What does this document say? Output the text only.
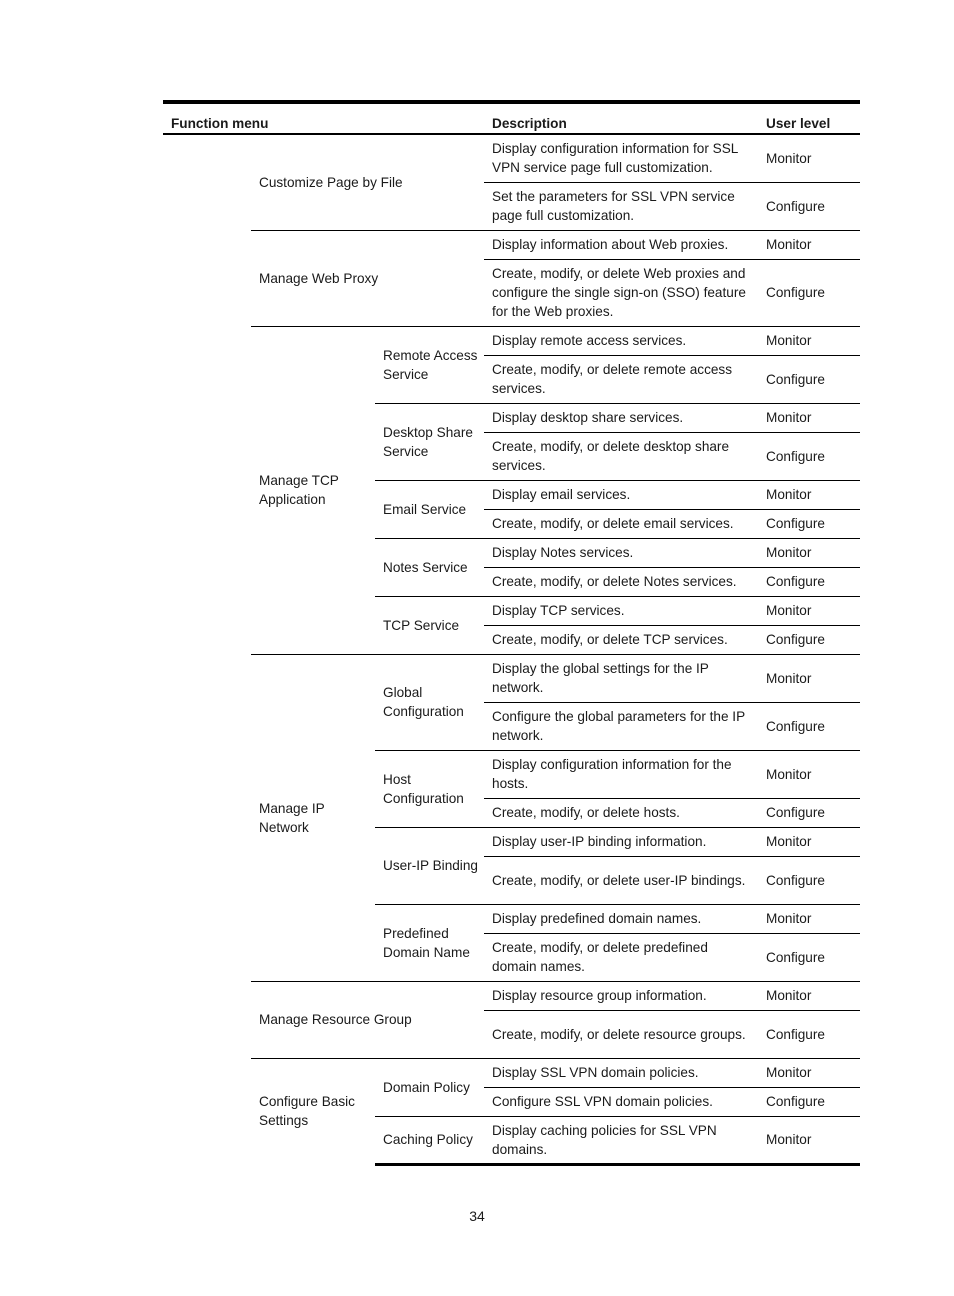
Function menu			Description	User level
	Customize Page by File		Display configuration information for SSL VPN service page full customization.	Monitor
			Set the parameters for SSL VPN service page full customization.	Configure
	Manage Web Proxy		Display information about Web proxies.	Monitor
			Create, modify, or delete Web proxies and configure the single sign-on (SSO) feature for the Web proxies.	Configure
	Manage TCP Application	Remote Access Service	Display remote access services.	Monitor
			Create, modify, or delete remote access services.	Configure
		Desktop Share Service	Display desktop share services.	Monitor
			Create, modify, or delete desktop share services.	Configure
		Email Service	Display email services.	Monitor
			Create, modify, or delete email services.	Configure
		Notes Service	Display Notes services.	Monitor
			Create, modify, or delete Notes services.	Configure
		TCP Service	Display TCP services.	Monitor
			Create, modify, or delete TCP services.	Configure
	Manage IP Network	Global Configuration	Display the global settings for the IP network.	Monitor
			Configure the global parameters for the IP network.	Configure
		Host Configuration	Display configuration information for the hosts.	Monitor
			Create, modify, or delete hosts.	Configure
		User-IP Binding	Display user-IP binding information.	Monitor
			Create, modify, or delete user-IP bindings.	Configure
		Predefined Domain Name	Display predefined domain names.	Monitor
			Create, modify, or delete predefined domain names.	Configure
	Manage Resource Group		Display resource group information.	Monitor
			Create, modify, or delete resource groups.	Configure
	Configure Basic Settings	Domain Policy	Display SSL VPN domain policies.	Monitor
			Configure SSL VPN domain policies.	Configure
		Caching Policy	Display caching policies for SSL VPN domains.	Monitor
34
